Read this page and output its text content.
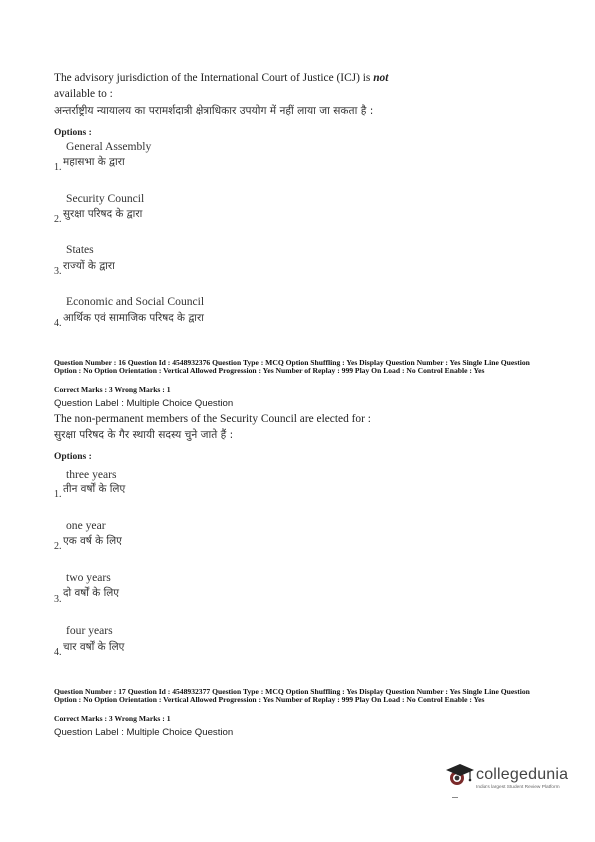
The advisory jurisdiction of the International Court of Justice (ICJ) is not
available to :
अन्तर्राष्ट्रीय न्यायालय का परामर्शदात्री क्षेत्राधिकार उपयोग में नहीं लाया जा सकता है :
Options :
General Assembly
1. महासभा के द्वारा
Security Council
2. सुरक्षा परिषद के द्वारा
States
3. राज्यों के द्वारा
Economic and Social Council
4. आर्थिक एवं सामाजिक परिषद के द्वारा
Question Number : 16 Question Id : 4548932376 Question Type : MCQ Option Shuffling : Yes Display Question Number : Yes Single Line Question Option : No Option Orientation : Vertical Allowed Progression : Yes Number of Replay : 999 Play On Load : No Control Enable : Yes
Correct Marks : 3 Wrong Marks : 1
Question Label : Multiple Choice Question
The non-permanent members of the Security Council are elected for :
सुरक्षा परिषद के गैर स्थायी सदस्य चुने जाते हैं :
Options :
three years
1. तीन वर्षों के लिए
one year
2. एक वर्ष के लिए
two years
3.
दो वर्षों के लिए
four years
4. चार वर्षों के लिए
Question Number : 17 Question Id : 4548932377 Question Type : MCQ Option Shuffling : Yes Display Question Number : Yes Single Line Question Option : No Option Orientation : Vertical Allowed Progression : Yes Number of Replay : 999 Play On Load : No Control Enable : Yes
Correct Marks : 3 Wrong Marks : 1
Question Label : Multiple Choice Question
collegedunia
India's largest Student Review Platform
